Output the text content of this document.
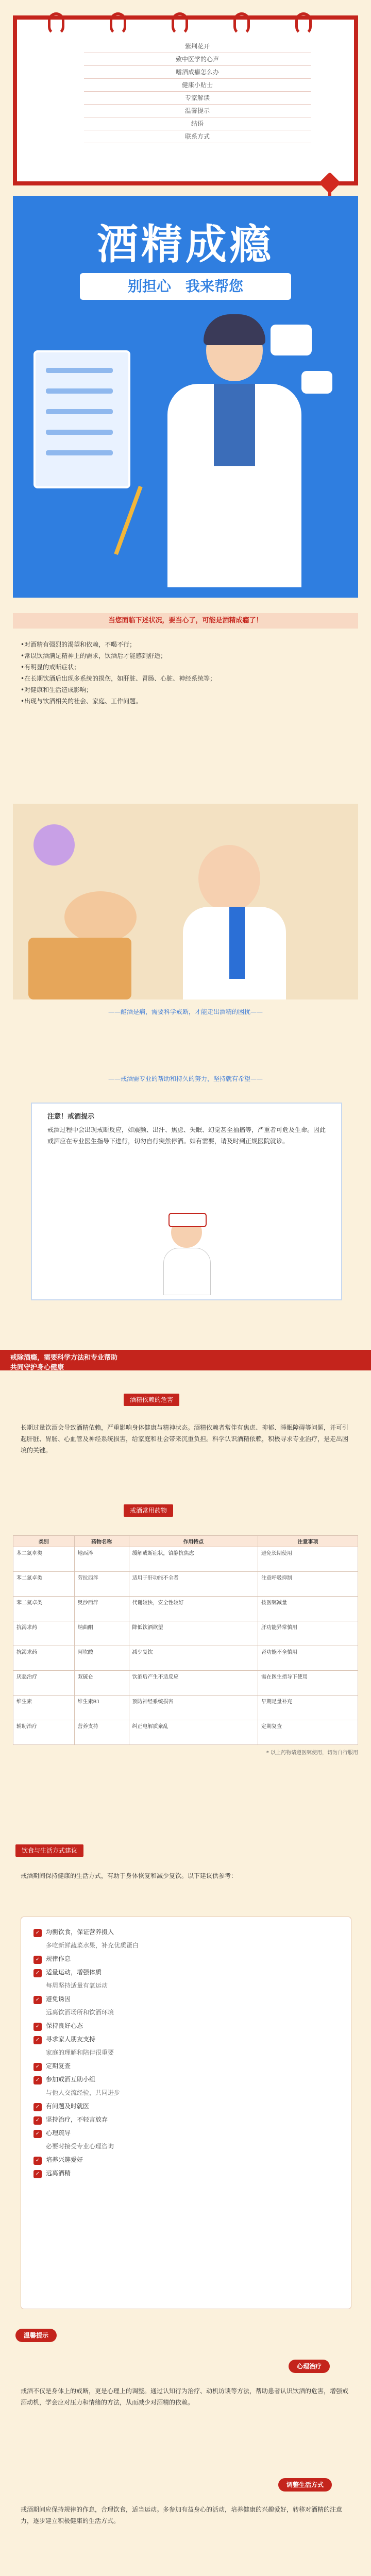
紫荆花开
致中医学的心声
嗜酒成癖怎么办
健康小贴士
专家解读
温馨提示
结语
联系方式
酒精成瘾
别担心　我来帮您
当您面临下述状况，要当心了，可能是酒精成瘾了！
•对酒精有强烈的渴望和依赖，不喝不行；
•常以饮酒满足精神上的需求，饮酒后才能感到舒适；
•有明显的戒断症状；
•在长期饮酒后出现多系统的损伤，如肝脏、胃肠、心脏、神经系统等；
•对健康和生活造成影响；
•出现与饮酒相关的社会、家庭、工作问题。
——酗酒是病，需要科学戒断，才能走出酒精的困扰——
——戒酒需专业的帮助和持久的努力，坚持就有希望——
注意！戒酒提示
戒酒过程中会出现戒断反应，如震颤、出汗、焦虑、失眠、幻觉甚至抽搐等，严重者可危及生命。因此戒酒应在专业医生指导下进行，切勿自行突然停酒。如有需要，请及时到正规医院就诊。
戒除酒瘾，需要科学方法和专业帮助
共同守护身心健康
酒精依赖的危害
长期过量饮酒会导致酒精依赖，严重影响身体健康与精神状态。酒精依赖者常伴有焦虑、抑郁、睡眠障碍等问题，并可引起肝脏、胃肠、心血管及神经系统损害，给家庭和社会带来沉重负担。科学认识酒精依赖，积极寻求专业治疗，是走出困境的关键。
戒酒常用药物
类别	药物名称	作用特点	注意事项
苯二氮卓类	地西泮	缓解戒断症状，镇静抗焦虑	避免长期使用
苯二氮卓类	劳拉西泮	适用于肝功能不全者	注意呼吸抑制
苯二氮卓类	奥沙西泮	代谢较快，安全性较好	按医嘱减量
抗渴求药	纳曲酮	降低饮酒欲望	肝功能异常慎用
抗渴求药	阿坎酸	减少复饮	肾功能不全慎用
厌恶治疗	双硫仑	饮酒后产生不适反应	需在医生指导下使用
维生素	维生素B1	预防神经系统损害	早期足量补充
辅助治疗	营养支持	纠正电解质紊乱	定期复查
* 以上药物请遵医嘱使用，切勿自行服用
饮食与生活方式建议
戒酒期间保持健康的生活方式，有助于身体恢复和减少复饮。以下建议供参考：
✓ 均衡饮食，保证营养摄入
多吃新鲜蔬菜水果，补充优质蛋白
✓ 规律作息
✓ 适量运动，增强体质
每周坚持适量有氧运动
✓ 避免诱因
远离饮酒场所和饮酒环境
✓ 保持良好心态
✓ 寻求家人朋友支持
家庭的理解和陪伴很重要
✓ 定期复查
✓ 参加戒酒互助小组
与他人交流经验，共同进步
✓ 有问题及时就医
✓ 坚持治疗，不轻言放弃
✓ 心理疏导
必要时接受专业心理咨询
✓ 培养兴趣爱好
✓ 远离酒精
温馨提示
心理治疗
戒酒不仅是身体上的戒断，更是心理上的调整。通过认知行为治疗、动机访谈等方法，帮助患者认识饮酒的危害，增强戒酒动机，学会应对压力和情绪的方法，从而减少对酒精的依赖。
调整生活方式
戒酒期间应保持规律的作息，合理饮食，适当运动。多参加有益身心的活动，培养健康的兴趣爱好，转移对酒精的注意力，逐步建立积极健康的生活方式。
